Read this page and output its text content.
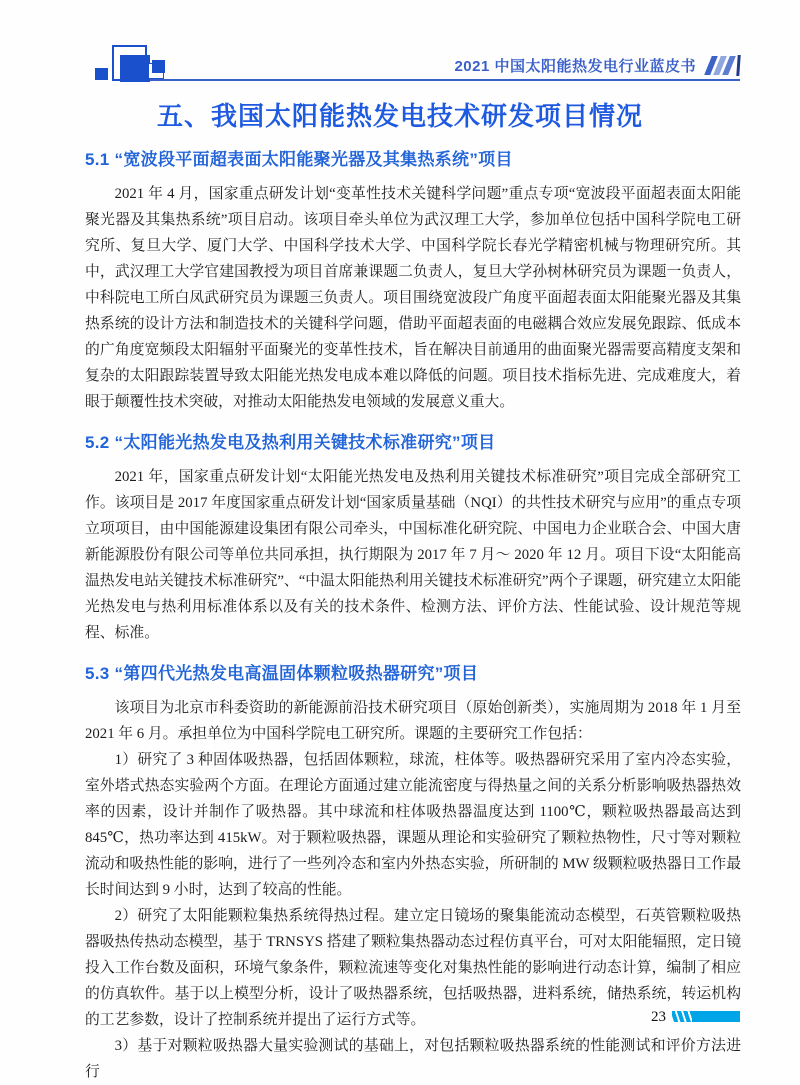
2021 中国太阳能热发电行业蓝皮书
五、我国太阳能热发电技术研发项目情况
5.1 “宽波段平面超表面太阳能聚光器及其集热系统”项目

2021 年 4 月，国家重点研发计划“变革性技术关键科学问题”重点专项“宽波段平面超表面太阳能聚光器及其集热系统”项目启动。该项目牵头单位为武汉理工大学，参加单位包括中国科学院电工研究所、复旦大学、厦门大学、中国科学技术大学、中国科学院长春光学精密机械与物理研究所。其中，武汉理工大学官建国教授为项目首席兼课题二负责人，复旦大学孙树林研究员为课题一负责人，中科院电工所白凤武研究员为课题三负责人。项目围绕宽波段广角度平面超表面太阳能聚光器及其集热系统的设计方法和制造技术的关键科学问题，借助平面超表面的电磁耦合效应发展免跟踪、低成本的广角度宽频段太阳辐射平面聚光的变革性技术，旨在解决目前通用的曲面聚光器需要高精度支架和复杂的太阳跟踪装置导致太阳能光热发电成本难以降低的问题。项目技术指标先进、完成难度大，着眼于颠覆性技术突破，对推动太阳能热发电领域的发展意义重大。

5.2 “太阳能光热发电及热利用关键技术标准研究”项目

2021 年，国家重点研发计划“太阳能光热发电及热利用关键技术标准研究”项目完成全部研究工作。该项目是 2017 年度国家重点研发计划“国家质量基础（NQI）的共性技术研究与应用”的重点专项立项项目，由中国能源建设集团有限公司牵头，中国标准化研究院、中国电力企业联合会、中国大唐新能源股份有限公司等单位共同承担，执行期限为 2017 年 7 月～ 2020 年 12 月。项目下设“太阳能高温热发电站关键技术标准研究”、“中温太阳能热利用关键技术标准研究”两个子课题，研究建立太阳能光热发电与热利用标准体系以及有关的技术条件、检测方法、评价方法、性能试验、设计规范等规程、标准。

5.3 “第四代光热发电高温固体颗粒吸热器研究”项目

该项目为北京市科委资助的新能源前沿技术研究项目（原始创新类），实施周期为 2018 年 1 月至 2021 年 6 月。承担单位为中国科学院电工研究所。课题的主要研究工作包括：

1）研究了 3 种固体吸热器，包括固体颗粒，球流，柱体等。吸热器研究采用了室内冷态实验，室外塔式热态实验两个方面。在理论方面通过建立能流密度与得热量之间的关系分析影响吸热器热效率的因素，设计并制作了吸热器。其中球流和柱体吸热器温度达到 1100℃，颗粒吸热器最高达到 845℃，热功率达到 415kW。对于颗粒吸热器，课题从理论和实验研究了颗粒热物性，尺寸等对颗粒流动和吸热性能的影响，进行了一些列冷态和室内外热态实验，所研制的 MW 级颗粒吸热器日工作最长时间达到 9 小时，达到了较高的性能。

2）研究了太阳能颗粒集热系统得热过程。建立定日镜场的聚集能流动态模型，石英管颗粒吸热器吸热传热动态模型，基于 TRNSYS 搭建了颗粒集热器动态过程仿真平台，可对太阳能辐照，定日镜投入工作台数及面积，环境气象条件，颗粒流速等变化对集热性能的影响进行动态计算，编制了相应的仿真软件。基于以上模型分析，设计了吸热器系统，包括吸热器，进料系统，储热系统，转运机构的工艺参数，设计了控制系统并提出了运行方式等。

3）基于对颗粒吸热器大量实验测试的基础上，对包括颗粒吸热器系统的性能测试和评价方法进行

23
